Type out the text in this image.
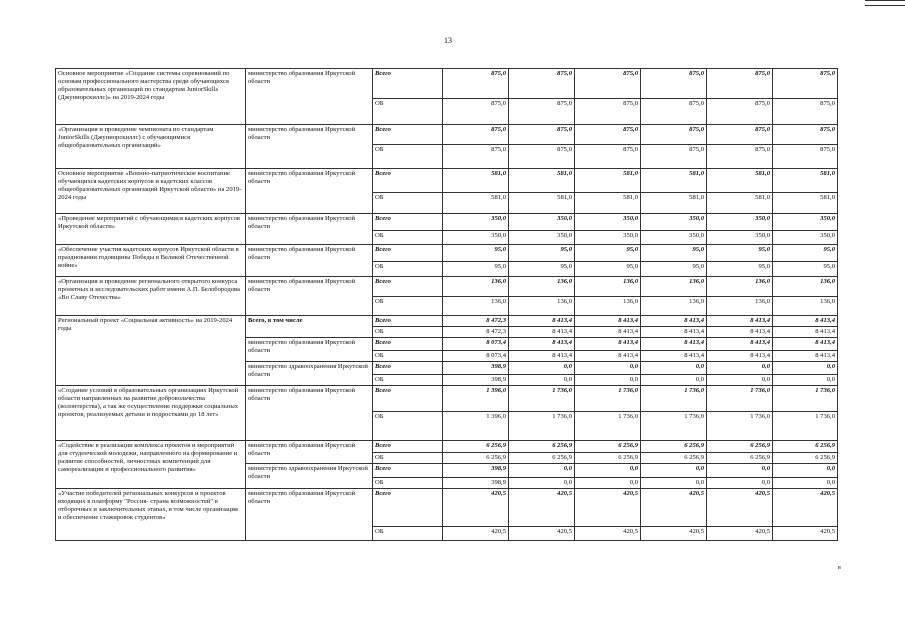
13
Основное мероприятие «Создание системы соревнований по основам профессионального мастерства среди обучающихся образовательных организаций по стандартам JuniorSkills (Джуниорскиллс)» на 2019-2024 годы	министерство образования Иркутской области	Всего	875,0	875,0	875,0	875,0	875,0	875,0
		ОБ	875,0	875,0	875,0	875,0	875,0	875,0
«Организация и проведение чемпионата по стандартам JuniorSkills (Джуниорскиллс) с обучающимися общеобразовательных организаций»	министерство образования Иркутской области	Всего	875,0	875,0	875,0	875,0	875,0	875,0
		ОБ	875,0	875,0	875,0	875,0	875,0	875,0
Основное мероприятие «Военно-патриотическое воспитание обучающихся кадетских корпусов и кадетских классов общеобразовательных организаций Иркутской области» на 2019-2024 годы	министерство образования Иркутской области	Всего	581,0	581,0	581,0	581,0	581,0	581,0
		ОБ	581,0	581,0	581,0	581,0	581,0	581,0
«Проведение мероприятий с обучающимися кадетских корпусов Иркутской области»	министерство образования Иркутской области	Всего	350,0	350,0	350,0	350,0	350,0	350,0
		ОБ	350,0	350,0	350,0	350,0	350,0	350,0
«Обеспечение участия кадетских корпусов Иркутской области в праздновании годовщины Победы в Великой Отечественной войне»	министерство образования Иркутской области	Всего	95,0	95,0	95,0	95,0	95,0	95,0
		ОБ	95,0	95,0	95,0	95,0	95,0	95,0
«Организация и проведение регионального открытого конкурса проектных и исследовательских работ имени А.П. Белобородова «Во Славу Отечества»	министерство образования Иркутской области	Всего	136,0	136,0	136,0	136,0	136,0	136,0
		ОБ	136,0	136,0	136,0	136,0	136,0	136,0
Региональный проект «Социальная активность» на 2019-2024 годы	Всего, в том числе	Всего	8 472,3	8 413,4	8 413,4	8 413,4	8 413,4	8 413,4
		ОБ	8 472,3	8 413,4	8 413,4	8 413,4	8 413,4	8 413,4
	министерство образования Иркутской области	Всего	8 073,4	8 413,4	8 413,4	8 413,4	8 413,4	8 413,4
		ОБ	8 073,4	8 413,4	8 413,4	8 413,4	8 413,4	8 413,4
	министерство здравоохранения Иркутской области	Всего	398,9	0,0	0,0	0,0	0,0	0,0
		ОБ	398,9	0,0	0,0	0,0	0,0	0,0
«Создание условий в образовательных организациях Иркутской области направленных на развитие добровольчества (волонтерства), а так же осуществление поддержки социальных проектов, реализуемых детьми и подростками до 18 лет»	министерство образования Иркутской области	Всего	1 396,0	1 736,0	1 736,0	1 736,0	1 736,0	1 736,0
		ОБ	1 396,0	1 736,0	1 736,0	1 736,0	1 736,0	1 736,0
«Содействие в реализации комплекса проектов и мероприятий для студенческой молодежи, направленного на формирование и развитие способностей, личностных компетенций для самореализации и профессионального развития»	министерство образования Иркутской области	Всего	6 256,9	6 256,9	6 256,9	6 256,9	6 256,9	6 256,9
		ОБ	6 256,9	6 256,9	6 256,9	6 256,9	6 256,9	6 256,9
	министерство здравоохранения Иркутской области	Всего	398,9	0,0	0,0	0,0	0,0	0,0
		ОБ	398,9	0,0	0,0	0,0	0,0	0,0
«Участие победителей региональных конкурсов и проектов входящих в платформу "Россия- страна возможностей" в отборочных и заключительных этапах, в том числе организация и обеспечение стажировок студентов»	министерство образования Иркутской области	Всего	420,5	420,5	420,5	420,5	420,5	420,5
		ОБ	420,5	420,5	420,5	420,5	420,5	420,5
в
